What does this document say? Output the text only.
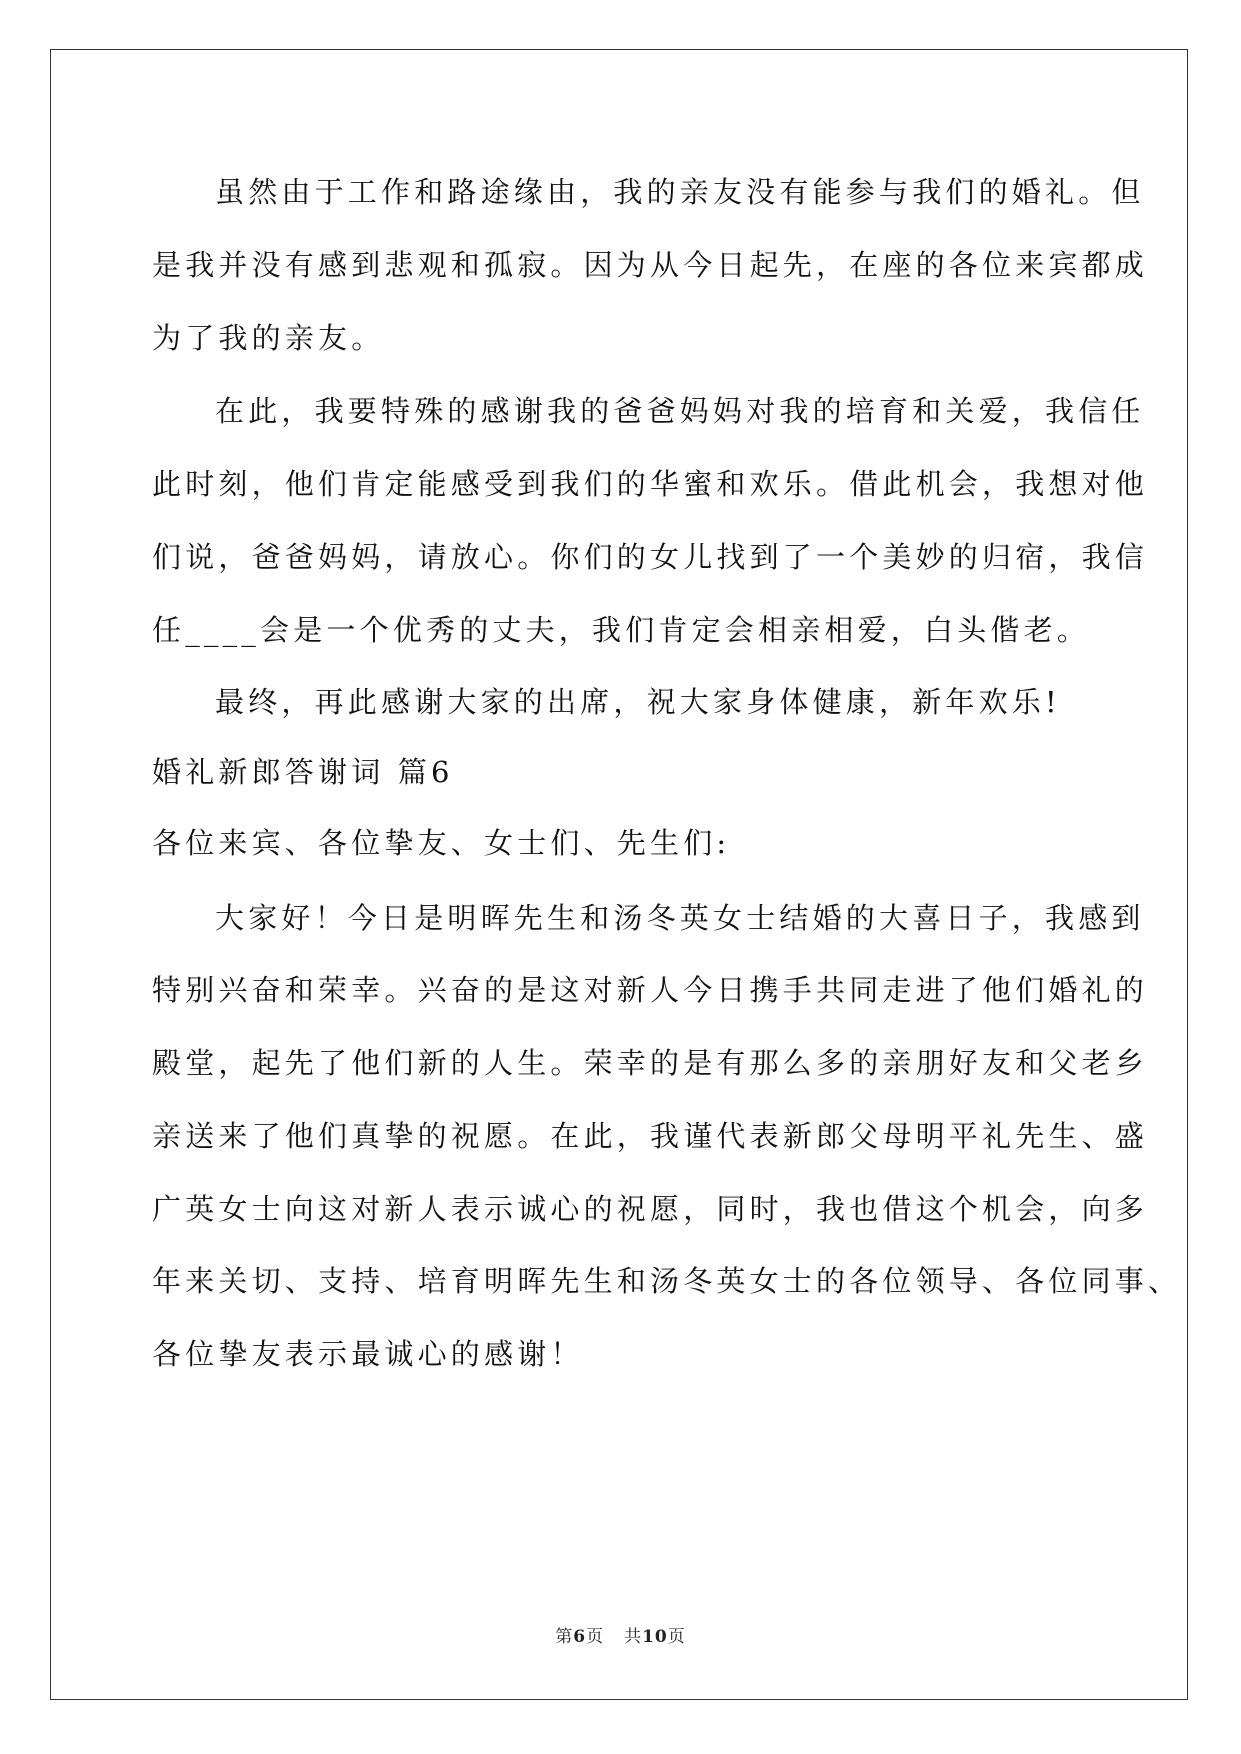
虽然由于工作和路途缘由，我的亲友没有能参与我们的婚礼。但
是我并没有感到悲观和孤寂。因为从今日起先，在座的各位来宾都成
为了我的亲友。
在此，我要特殊的感谢我的爸爸妈妈对我的培育和关爱，我信任
此时刻，他们肯定能感受到我们的华蜜和欢乐。借此机会，我想对他
们说，爸爸妈妈，请放心。你们的女儿找到了一个美妙的归宿，我信
任____会是一个优秀的丈夫，我们肯定会相亲相爱，白头偕老。
最终，再此感谢大家的出席，祝大家身体健康，新年欢乐!
婚礼新郎答谢词 篇6
各位来宾、各位挚友、女士们、先生们:
大家好！今日是明晖先生和汤冬英女士结婚的大喜日子，我感到
特别兴奋和荣幸。兴奋的是这对新人今日携手共同走进了他们婚礼的
殿堂，起先了他们新的人生。荣幸的是有那么多的亲朋好友和父老乡
亲送来了他们真挚的祝愿。在此，我谨代表新郎父母明平礼先生、盛
广英女士向这对新人表示诚心的祝愿，同时，我也借这个机会，向多
年来关切、支持、培育明晖先生和汤冬英女士的各位领导、各位同事、
各位挚友表示最诚心的感谢！
第6页 共10页
